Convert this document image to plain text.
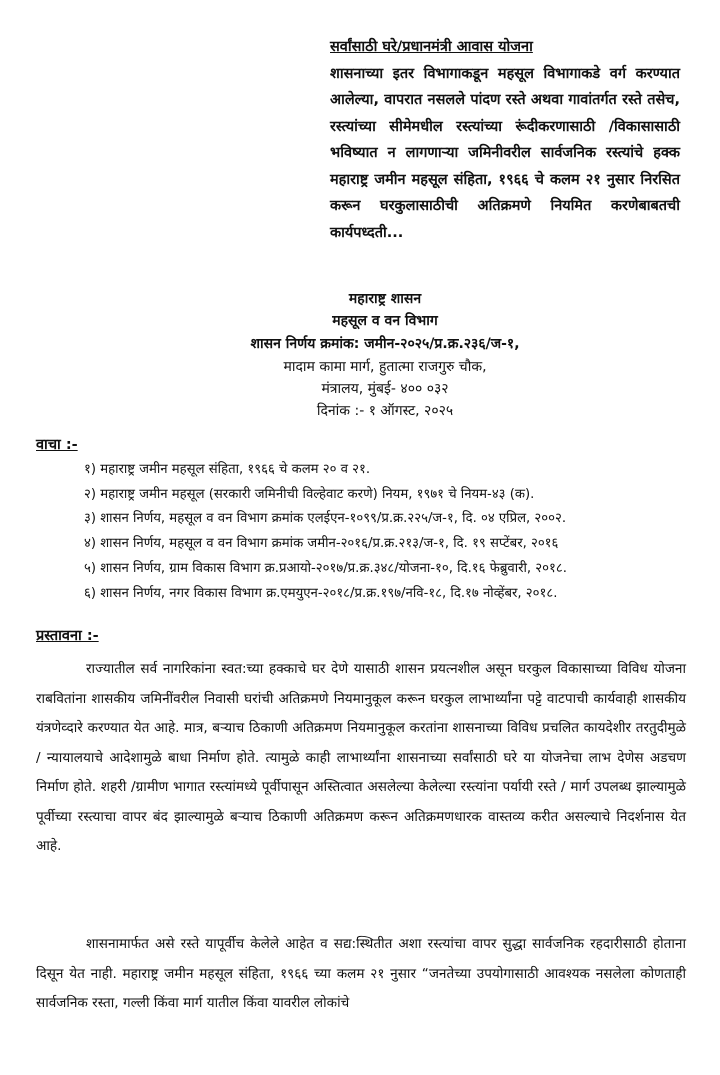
सर्वांसाठी घरे/प्रधानमंत्री आवास योजना
शासनाच्या इतर विभागाकडून महसूल विभागाकडे वर्ग करण्यात आलेल्या, वापरात नसलले पांदण रस्ते अथवा गावांतर्गत रस्ते तसेच, रस्त्यांच्या सीमेमधील रस्त्यांच्या रूंदीकरणासाठी /विकासासाठी भविष्यात न लागणाऱ्या जमिनीवरील सार्वजनिक रस्त्यांचे हक्क महाराष्ट्र जमीन महसूल संहिता, १९६६ चे कलम २१ नुसार निरसित करून घरकुलासाठीची अतिक्रमणे नियमित करणेबाबतची कार्यपध्दती...
महाराष्ट्र शासन
महसूल व वन विभाग
शासन निर्णय क्रमांक: जमीन-२०२५/प्र.क्र.२३६/ज-१,
मादाम कामा मार्ग, हुतात्मा राजगुरु चौक,
मंत्रालय, मुंबई- ४०० ०३२
दिनांक :- १ ऑगस्ट, २०२५
वाचा :-
१) महाराष्ट्र जमीन महसूल संहिता, १९६६ चे कलम २० व २१.
२) महाराष्ट्र जमीन महसूल (सरकारी जमिनीची विल्हेवाट करणे) नियम, १९७१ चे नियम-४३ (क).
३) शासन निर्णय, महसूल व वन विभाग क्रमांक एलईएन-१०९९/प्र.क्र.२२५/ज-१, दि. ०४ एप्रिल, २००२.
४) शासन निर्णय, महसूल व वन विभाग क्रमांक जमीन-२०१६/प्र.क्र.२१३/ज-१, दि. १९ सप्टेंबर, २०१६
५) शासन निर्णय, ग्राम विकास विभाग क्र.प्रआयो-२०१७/प्र.क्र.३४८/योजना-१०, दि.१६ फेब्रुवारी, २०१८.
६) शासन निर्णय, नगर विकास विभाग क्र.एमयुएन-२०१८/प्र.क्र.१९७/नवि-१८, दि.१७ नोव्हेंबर, २०१८.
प्रस्तावना :-

राज्यातील सर्व नागरिकांना स्वत:च्या हक्काचे घर देणे यासाठी शासन प्रयत्नशील असून घरकुल विकासाच्या विविध योजना राबवितांना शासकीय जमिनींवरील निवासी घरांची अतिक्रमणे नियमानुकूल करून घरकुल लाभार्थ्यांना पट्टे वाटपाची कार्यवाही शासकीय यंत्रणेव्दारे करण्यात येत आहे. मात्र, बऱ्याच ठिकाणी अतिक्रमण नियमानुकूल करतांना शासनाच्या विविध प्रचलित कायदेशीर तरतुदीमुळे / न्यायालयाचे आदेशामुळे बाधा निर्माण होते. त्यामुळे काही लाभार्थ्यांना शासनाच्या सर्वांसाठी घरे या योजनेचा लाभ देणेस अडचण निर्माण होते. शहरी /ग्रामीण भागात रस्त्यांमध्ये पूर्वीपासून अस्तित्वात असलेल्या केलेल्या रस्त्यांना पर्यायी रस्ते / मार्ग उपलब्ध झाल्यामुळे पूर्वीच्या रस्त्याचा वापर बंद झाल्यामुळे बऱ्याच ठिकाणी अतिक्रमण करून अतिक्रमणधारक वास्तव्य करीत असल्याचे निदर्शनास येत आहे.

शासनामार्फत असे रस्ते यापूर्वीच केलेले आहेत व सद्य:स्थितीत अशा रस्त्यांचा वापर सुद्धा सार्वजनिक रहदारीसाठी होताना दिसून येत नाही. महाराष्ट्र जमीन महसूल संहिता, १९६६ च्या कलम २१ नुसार “जनतेच्या उपयोगासाठी आवश्यक नसलेला कोणताही सार्वजनिक रस्ता, गल्ली किंवा मार्ग यातील किंवा यावरील लोकांचे
